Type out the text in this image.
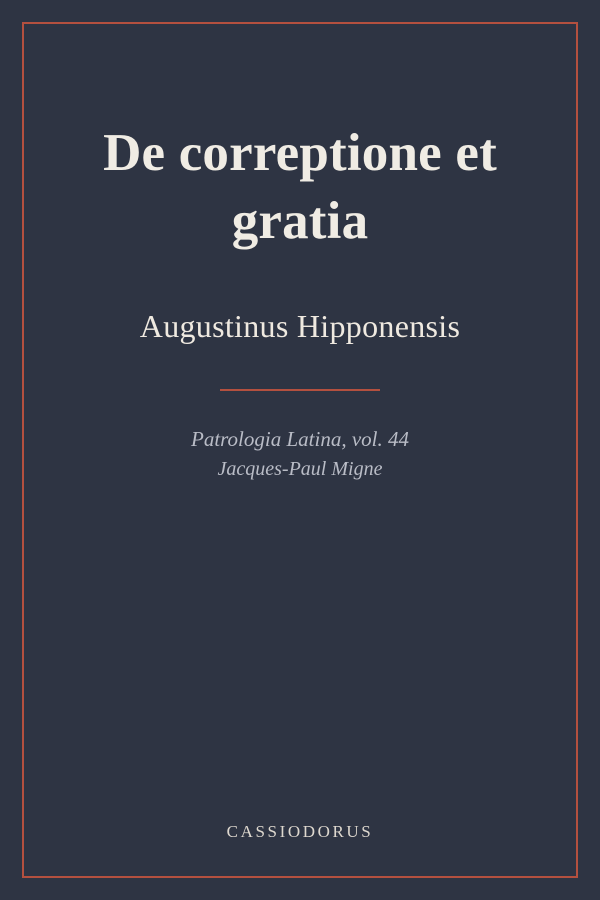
De correptione et gratia
Augustinus Hipponensis

Patrologia Latina, vol. 44

Jacques-Paul Migne

CASSIODORUS
